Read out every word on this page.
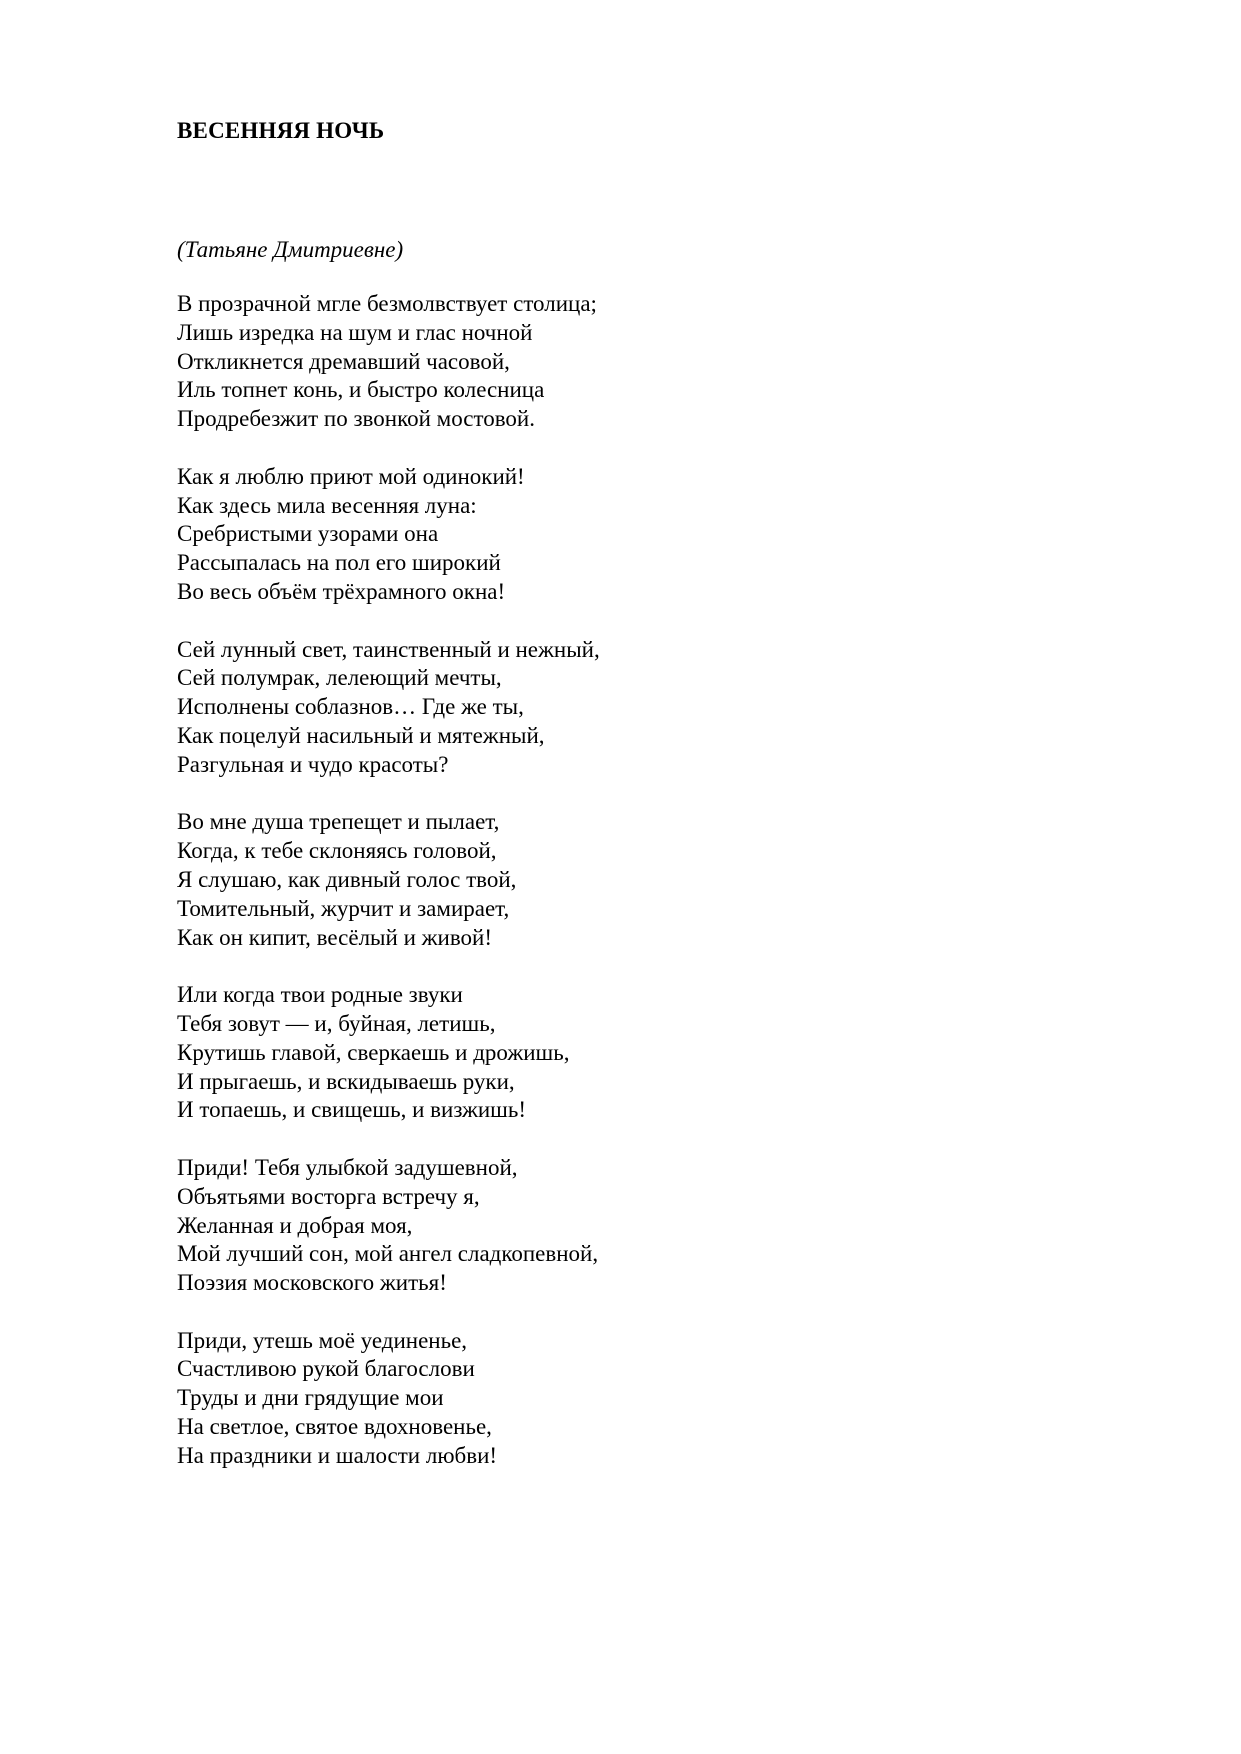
ВЕСЕННЯЯ НОЧЬ

(Татьяне Дмитриевне)

В прозрачной мгле безмолвствует столица;
Лишь изредка на шум и глас ночной
Откликнется дремавший часовой,
Иль топнет конь, и быстро колесница
Продребезжит по звонкой мостовой.
Как я люблю приют мой одинокий!
Как здесь мила весенняя луна:
Сребристыми узорами она
Рассыпалась на пол его широкий
Во весь объём трёхрамного окна!
Сей лунный свет, таинственный и нежный,
Сей полумрак, лелеющий мечты,
Исполнены соблазнов… Где же ты,
Как поцелуй насильный и мятежный,
Разгульная и чудо красоты?
Во мне душа трепещет и пылает,
Когда, к тебе склоняясь головой,
Я слушаю, как дивный голос твой,
Томительный, журчит и замирает,
Как он кипит, весёлый и живой!
Или когда твои родные звуки
Тебя зовут — и, буйная, летишь,
Крутишь главой, сверкаешь и дрожишь,
И прыгаешь, и вскидываешь руки,
И топаешь, и свищешь, и визжишь!
Приди! Тебя улыбкой задушевной,
Объятьями восторга встречу я,
Желанная и добрая моя,
Мой лучший сон, мой ангел сладкопевной,
Поэзия московского житья!
Приди, утешь моё уединенье,
Счастливою рукой благослови
Труды и дни грядущие мои
На светлое, святое вдохновенье,
На праздники и шалости любви!
